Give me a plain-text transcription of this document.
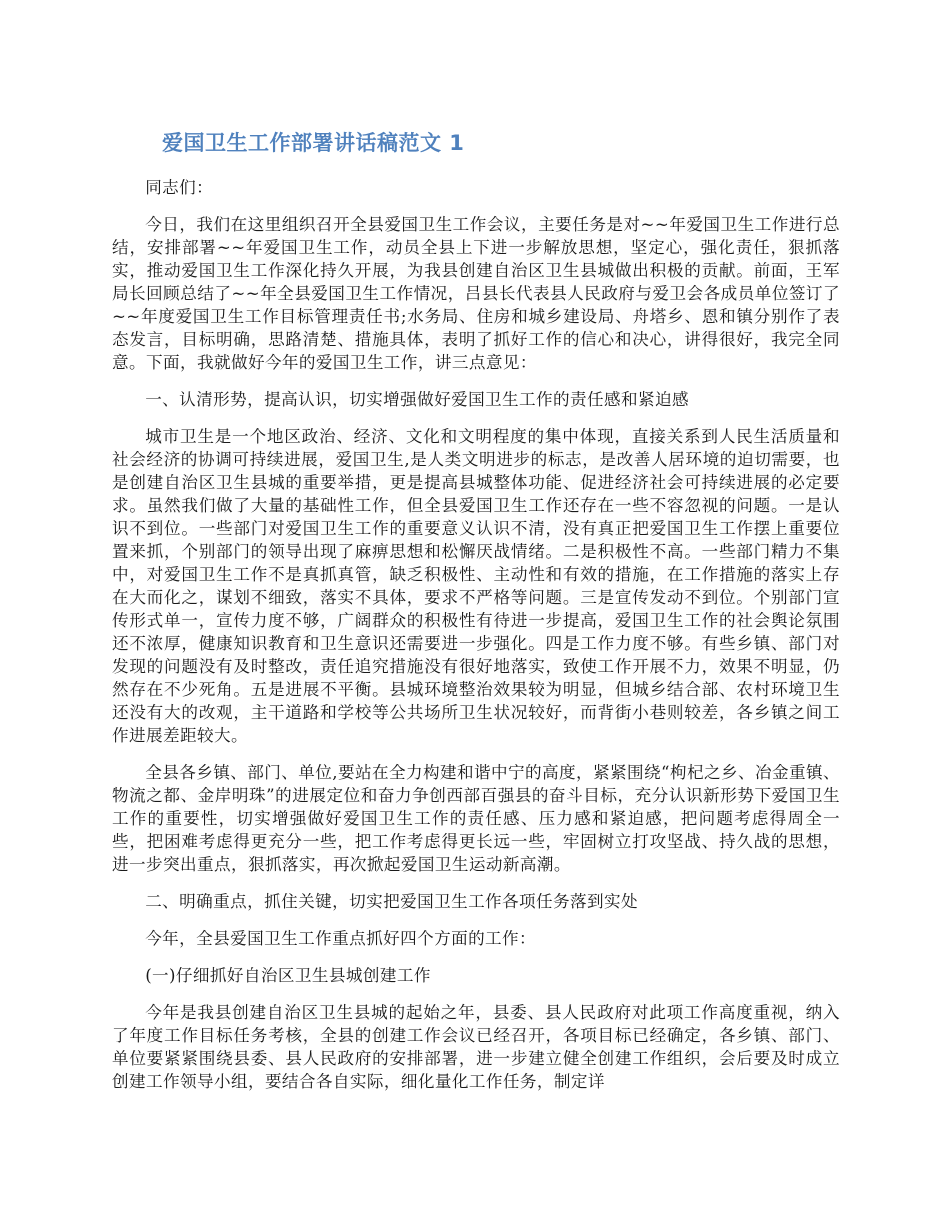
爱国卫生工作部署讲话稿范文 1

同志们：

今日，我们在这里组织召开全县爱国卫生工作会议，主要任务是对~~年爱国卫生工作进行总结，安排部署~~年爱国卫生工作，动员全县上下进一步解放思想，坚定心，强化责任，狠抓落实，推动爱国卫生工作深化持久开展，为我县创建自治区卫生县城做出积极的贡献。前面，王军局长回顾总结了~~年全县爱国卫生工作情况，吕县长代表县人民政府与爱卫会各成员单位签订了~~年度爱国卫生工作目标管理责任书;水务局、住房和城乡建设局、舟塔乡、恩和镇分别作了表态发言，目标明确，思路清楚、措施具体，表明了抓好工作的信心和决心，讲得很好，我完全同意。下面，我就做好今年的爱国卫生工作，讲三点意见：

一、认清形势，提高认识，切实增强做好爱国卫生工作的责任感和紧迫感

城市卫生是一个地区政治、经济、文化和文明程度的集中体现，直接关系到人民生活质量和社会经济的协调可持续进展，爱国卫生,是人类文明进步的标志，是改善人居环境的迫切需要，也是创建自治区卫生县城的重要举措，更是提高县城整体功能、促进经济社会可持续进展的必定要求。虽然我们做了大量的基础性工作，但全县爱国卫生工作还存在一些不容忽视的问题。一是认识不到位。一些部门对爱国卫生工作的重要意义认识不清，没有真正把爱国卫生工作摆上重要位置来抓，个别部门的领导出现了麻痹思想和松懈厌战情绪。二是积极性不高。一些部门精力不集中，对爱国卫生工作不是真抓真管，缺乏积极性、主动性和有效的措施，在工作措施的落实上存在大而化之，谋划不细致，落实不具体，要求不严格等问题。三是宣传发动不到位。个别部门宣传形式单一，宣传力度不够，广阔群众的积极性有待进一步提高，爱国卫生工作的社会舆论氛围还不浓厚，健康知识教育和卫生意识还需要进一步强化。四是工作力度不够。有些乡镇、部门对发现的问题没有及时整改，责任追究措施没有很好地落实，致使工作开展不力，效果不明显，仍然存在不少死角。五是进展不平衡。县城环境整治效果较为明显，但城乡结合部、农村环境卫生还没有大的改观，主干道路和学校等公共场所卫生状况较好，而背街小巷则较差，各乡镇之间工作进展差距较大。

全县各乡镇、部门、单位,要站在全力构建和谐中宁的高度，紧紧围绕“枸杞之乡、冶金重镇、物流之都、金岸明珠”的进展定位和奋力争创西部百强县的奋斗目标，充分认识新形势下爱国卫生工作的重要性，切实增强做好爱国卫生工作的责任感、压力感和紧迫感，把问题考虑得周全一些，把困难考虑得更充分一些，把工作考虑得更长远一些，牢固树立打攻坚战、持久战的思想，进一步突出重点，狠抓落实，再次掀起爱国卫生运动新高潮。

二、明确重点，抓住关键，切实把爱国卫生工作各项任务落到实处

今年，全县爱国卫生工作重点抓好四个方面的工作：

(一)仔细抓好自治区卫生县城创建工作

今年是我县创建自治区卫生县城的起始之年，县委、县人民政府对此项工作高度重视，纳入了年度工作目标任务考核，全县的创建工作会议已经召开，各项目标已经确定，各乡镇、部门、单位要紧紧围绕县委、县人民政府的安排部署，进一步建立健全创建工作组织，会后要及时成立创建工作领导小组，要结合各自实际，细化量化工作任务，制定详
